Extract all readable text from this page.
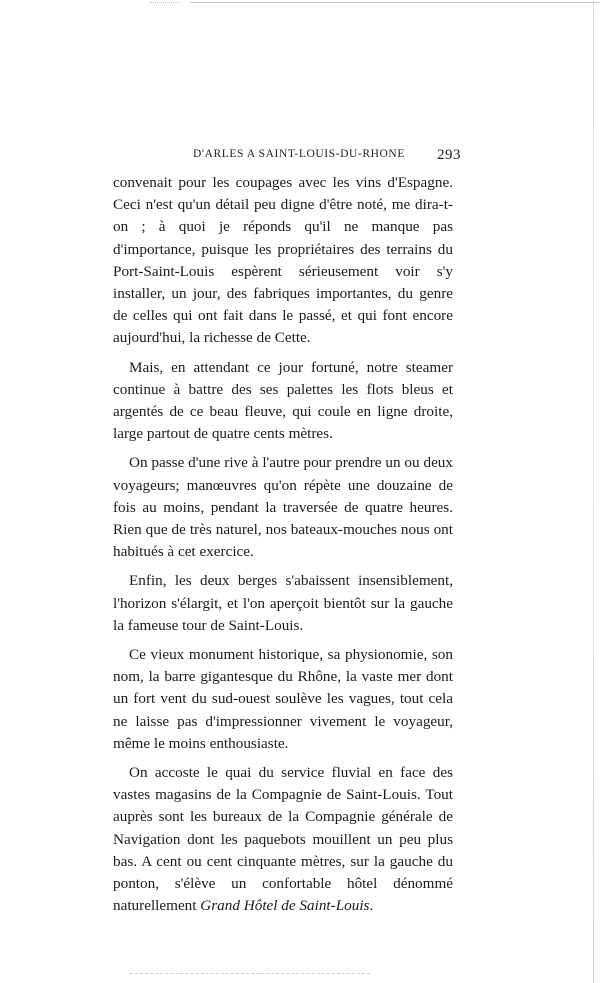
D'ARLES A SAINT-LOUIS-DU-RHONE 293

convenait pour les coupages avec les vins d'Espagne. Ceci n'est qu'un détail peu digne d'être noté, me dira-t-on ; à quoi je réponds qu'il ne manque pas d'importance, puisque les propriétaires des terrains du Port-Saint-Louis espèrent sérieusement voir s'y installer, un jour, des fabriques importantes, du genre de celles qui ont fait dans le passé, et qui font encore aujourd'hui, la richesse de Cette.

Mais, en attendant ce jour fortuné, notre steamer continue à battre des ses palettes les flots bleus et argentés de ce beau fleuve, qui coule en ligne droite, large partout de quatre cents mètres.

On passe d'une rive à l'autre pour prendre un ou deux voyageurs; manœuvres qu'on répète une douzaine de fois au moins, pendant la traversée de quatre heures. Rien que de très naturel, nos bateaux-mouches nous ont habitués à cet exercice.

Enfin, les deux berges s'abaissent insensiblement, l'horizon s'élargit, et l'on aperçoit bientôt sur la gauche la fameuse tour de Saint-Louis.

Ce vieux monument historique, sa physionomie, son nom, la barre gigantesque du Rhône, la vaste mer dont un fort vent du sud-ouest soulève les vagues, tout cela ne laisse pas d'impressionner vivement le voyageur, même le moins enthousiaste.

On accoste le quai du service fluvial en face des vastes magasins de la Compagnie de Saint-Louis. Tout auprès sont les bureaux de la Compagnie générale de Navigation dont les paquebots mouillent un peu plus bas. A cent ou cent cinquante mètres, sur la gauche du ponton, s'élève un confortable hôtel dénommé naturellement Grand Hôtel de Saint-Louis.
